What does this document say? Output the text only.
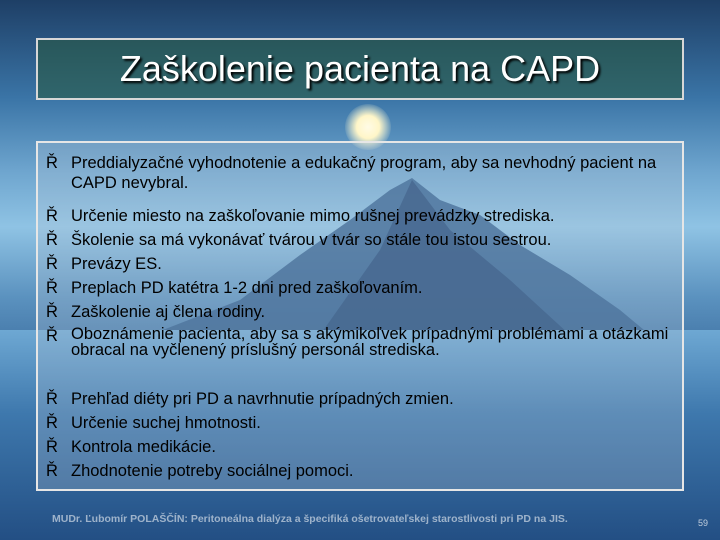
Zaškolenie pacienta na CAPD
Ř Preddialyzačné vyhodnotenie a edukačný program, aby sa nevhodný pacient na CAPD nevybral.
Ř Určenie miesto na zaškoľovanie mimo rušnej prevádzky strediska.
Ř Školenie sa má vykonávať tvárou v tvár so stále tou istou sestrou.
Ř Prevázy ES.
Ř Preplach PD katétra 1-2 dni pred zaškoľovaním.
Ř Zaškolenie aj člena rodiny.
Ř Oboznámenie pacienta, aby sa s akýmikoľvek prípadnými problémami a otázkami obracal na vyčlenený príslušný personál strediska.
Ř Prehľad diéty pri PD a navrhnutie prípadných zmien.
Ř Určenie suchej hmotnosti.
Ř Kontrola medikácie.
Ř Zhodnotenie potreby sociálnej pomoci.
MUDr. Ľubomír POLAŠČÍN: Peritoneálna dialýza a špecifiká ošetrovateľskej starostlivosti pri PD na JIS.	59
